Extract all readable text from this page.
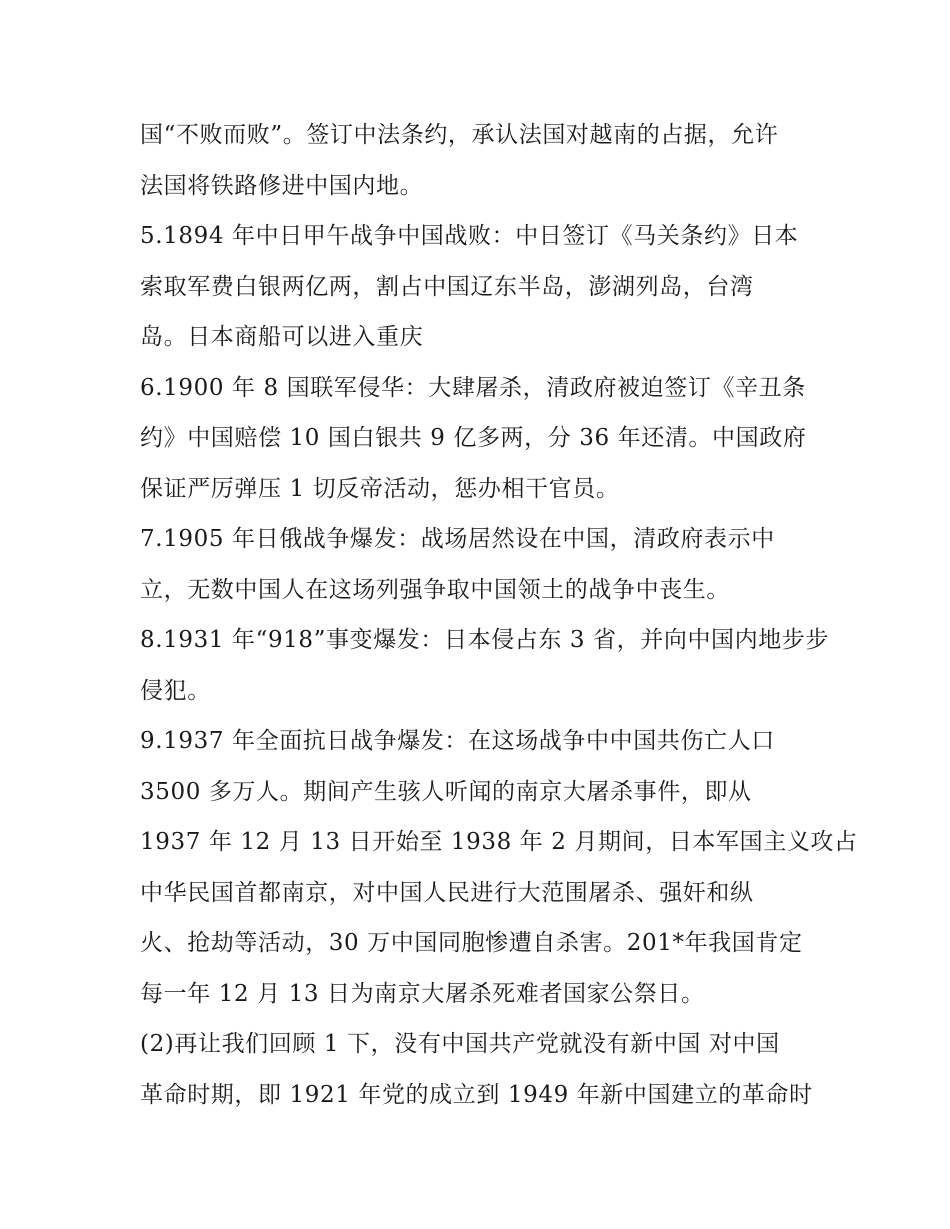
国“不败而败”。签订中法条约，承认法国对越南的占据，允许
法国将铁路修进中国内地。
5.1894 年中日甲午战争中国战败：中日签订《马关条约》日本
索取军费白银两亿两，割占中国辽东半岛，澎湖列岛，台湾
岛。日本商船可以进入重庆
6.1900 年 8 国联军侵华：大肆屠杀，清政府被迫签订《辛丑条
约》中国赔偿 10 国白银共 9 亿多两，分 36 年还清。中国政府
保证严厉弹压 1 切反帝活动，惩办相干官员。
7.1905 年日俄战争爆发：战场居然设在中国，清政府表示中
立，无数中国人在这场列强争取中国领土的战争中丧生。
8.1931 年“918”事变爆发：日本侵占东 3 省，并向中国内地步步
侵犯。
9.1937 年全面抗日战争爆发：在这场战争中中国共伤亡人口
3500 多万人。期间产生骇人听闻的南京大屠杀事件，即从
1937 年 12 月 13 日开始至 1938 年 2 月期间，日本军国主义攻占
中华民国首都南京，对中国人民进行大范围屠杀、强奸和纵
火、抢劫等活动，30 万中国同胞惨遭自杀害。201*年我国肯定
每一年 12 月 13 日为南京大屠杀死难者国家公祭日。
(2)再让我们回顾 1 下，没有中国共产党就没有新中国 对中国
革命时期，即 1921 年党的成立到 1949 年新中国建立的革命时
